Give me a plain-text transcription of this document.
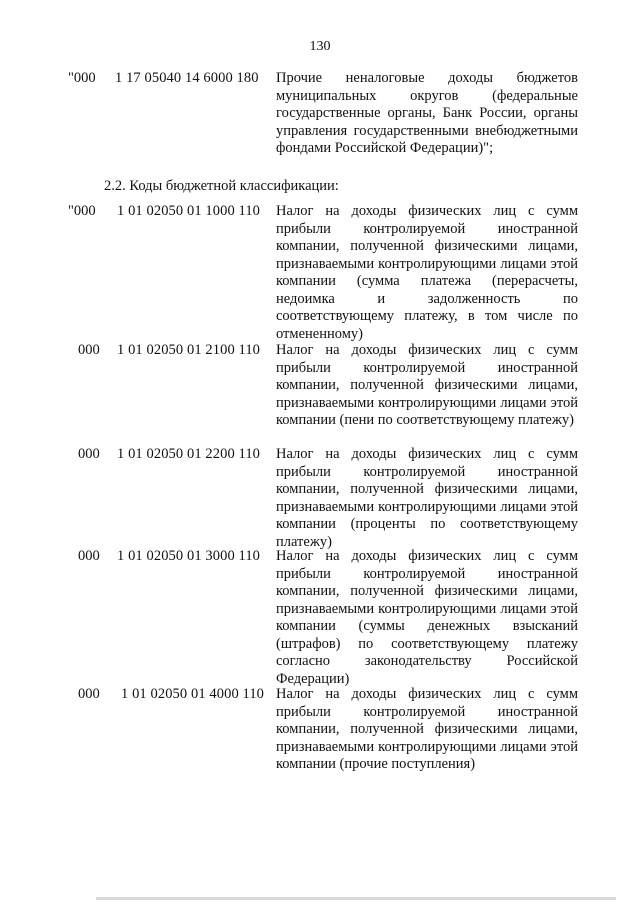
130
"000 1 17 05040 14 6000 180 Прочие неналоговые доходы бюджетов муниципальных округов (федеральные государственные органы, Банк России, органы управления государственными внебюджетными фондами Российской Федерации)";
2.2. Коды бюджетной классификации:
"000 1 01 02050 01 1000 110 Налог на доходы физических лиц с сумм прибыли контролируемой иностранной компании, полученной физическими лицами, признаваемыми контролирующими лицами этой компании (сумма платежа (перерасчеты, недоимка и задолженность по соответствующему платежу, в том числе по отмененному)
000 1 01 02050 01 2100 110 Налог на доходы физических лиц с сумм прибыли контролируемой иностранной компании, полученной физическими лицами, признаваемыми контролирующими лицами этой компании (пени по соответствующему платежу)
000 1 01 02050 01 2200 110 Налог на доходы физических лиц с сумм прибыли контролируемой иностранной компании, полученной физическими лицами, признаваемыми контролирующими лицами этой компании (проценты по соответствующему платежу)
000 1 01 02050 01 3000 110 Налог на доходы физических лиц с сумм прибыли контролируемой иностранной компании, полученной физическими лицами, признаваемыми контролирующими лицами этой компании (суммы денежных взысканий (штрафов) по соответствующему платежу согласно законодательству Российской Федерации)
000 1 01 02050 01 4000 110 Налог на доходы физических лиц с сумм прибыли контролируемой иностранной компании, полученной физическими лицами, признаваемыми контролирующими лицами этой компании (прочие поступления)
